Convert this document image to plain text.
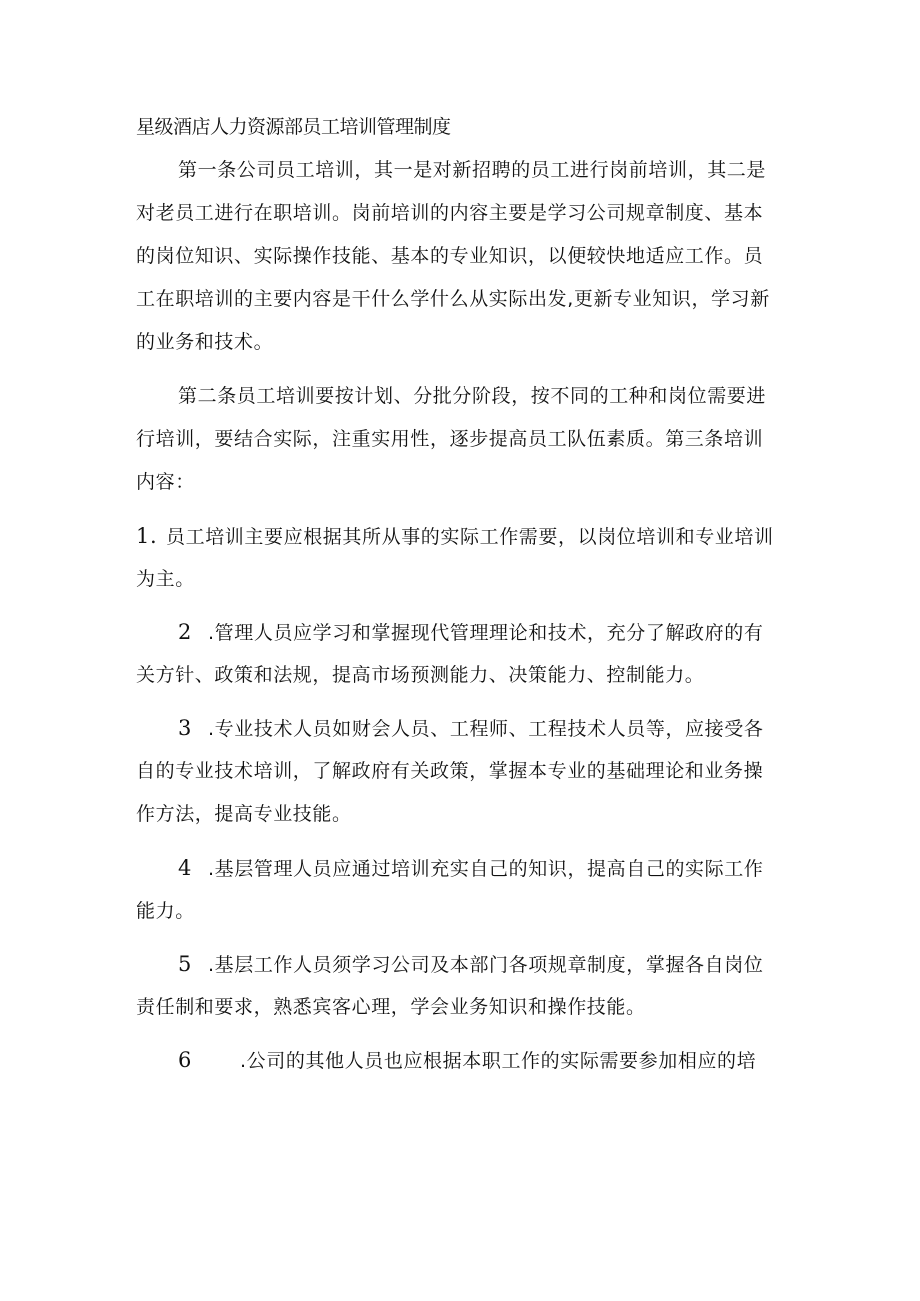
星级酒店人力资源部员工培训管理制度
第一条公司员工培训，其一是对新招聘的员工进行岗前培训，其二是
对老员工进行在职培训。岗前培训的内容主要是学习公司规章制度、基本
的岗位知识、实际操作技能、基本的专业知识，以便较快地适应工作。员
工在职培训的主要内容是干什么学什么从实际出发,更新专业知识，学习新
的业务和技术。
第二条员工培训要按计划、分批分阶段，按不同的工种和岗位需要进
行培训，要结合实际，注重实用性，逐步提高员工队伍素质。第三条培训
内容：
1. 员工培训主要应根据其所从事的实际工作需要，以岗位培训和专业培训
为主。
2 .管理人员应学习和掌握现代管理理论和技术，充分了解政府的有
关方针、政策和法规，提高市场预测能力、决策能力、控制能力。
3 .专业技术人员如财会人员、工程师、工程技术人员等，应接受各
自的专业技术培训，了解政府有关政策，掌握本专业的基础理论和业务操
作方法，提高专业技能。
4 .基层管理人员应通过培训充实自己的知识，提高自己的实际工作
能力。
5 .基层工作人员须学习公司及本部门各项规章制度，掌握各自岗位
责任制和要求，熟悉宾客心理，学会业务知识和操作技能。
6	.公司的其他人员也应根据本职工作的实际需要参加相应的培
